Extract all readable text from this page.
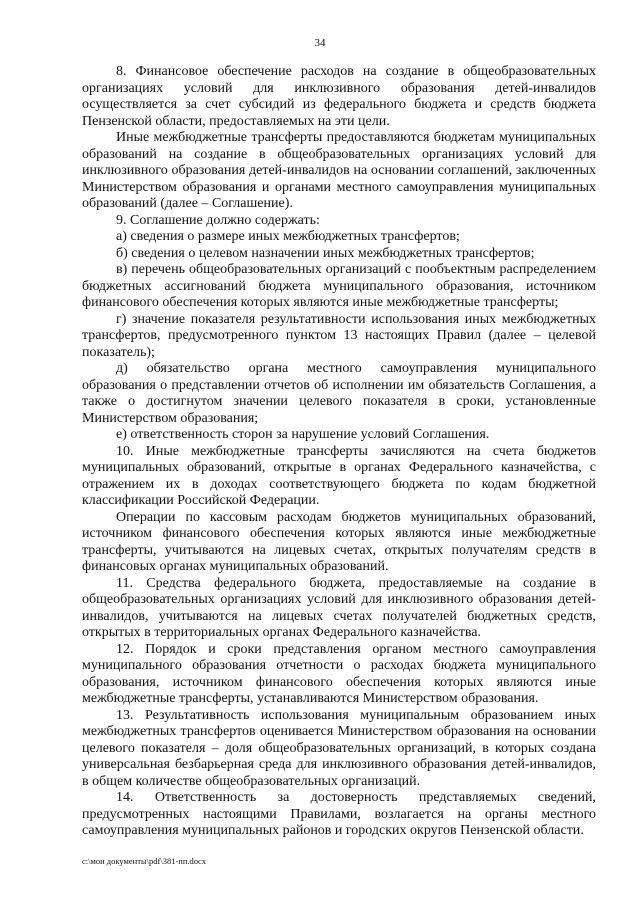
34

8. Финансовое обеспечение расходов на создание в общеобразовательных организациях условий для инклюзивного образования детей-инвалидов осуществляется за счет субсидий из федерального бюджета и средств бюджета Пензенской области, предоставляемых на эти цели.

Иные межбюджетные трансферты предоставляются бюджетам муниципальных образований на создание в общеобразовательных организациях условий для инклюзивного образования детей-инвалидов на основании соглашений, заключенных Министерством образования и органами местного самоуправления муниципальных образований (далее – Соглашение).

9. Соглашение должно содержать:

а) сведения о размере иных межбюджетных трансфертов;

б) сведения о целевом назначении иных межбюджетных трансфертов;

в) перечень общеобразовательных организаций с пообъектным распределением бюджетных ассигнований бюджета муниципального образования, источником финансового обеспечения которых являются иные межбюджетные трансферты;

г) значение показателя результативности использования иных межбюджетных трансфертов, предусмотренного пунктом 13 настоящих Правил (далее – целевой показатель);

д) обязательство органа местного самоуправления муниципального образования о представлении отчетов об исполнении им обязательств Соглашения, а также о достигнутом значении целевого показателя в сроки, установленные Министерством образования;

е) ответственность сторон за нарушение условий Соглашения.

10. Иные межбюджетные трансферты зачисляются на счета бюджетов муниципальных образований, открытые в органах Федерального казначейства, с отражением их в доходах соответствующего бюджета по кодам бюджетной классификации Российской Федерации.

Операции по кассовым расходам бюджетов муниципальных образований, источником финансового обеспечения которых являются иные межбюджетные трансферты, учитываются на лицевых счетах, открытых получателям средств в финансовых органах муниципальных образований.

11. Средства федерального бюджета, предоставляемые на создание в общеобразовательных организациях условий для инклюзивного образования детей-инвалидов, учитываются на лицевых счетах получателей бюджетных средств, открытых в территориальных органах Федерального казначейства.

12. Порядок и сроки представления органом местного самоуправления муниципального образования отчетности о расходах бюджета муниципального образования, источником финансового обеспечения которых являются иные межбюджетные трансферты, устанавливаются Министерством образования.

13. Результативность использования муниципальным образованием иных межбюджетных трансфертов оценивается Министерством образования на основании целевого показателя – доля общеобразовательных организаций, в которых создана универсальная безбарьерная среда для инклюзивного образования детей-инвалидов, в общем количестве общеобразовательных организаций.

14. Ответственность за достоверность представляемых сведений, предусмотренных настоящими Правилами, возлагается на органы местного самоуправления муниципальных районов и городских округов Пензенской области.

c:\мои документы\pdf\381-пп.docx
